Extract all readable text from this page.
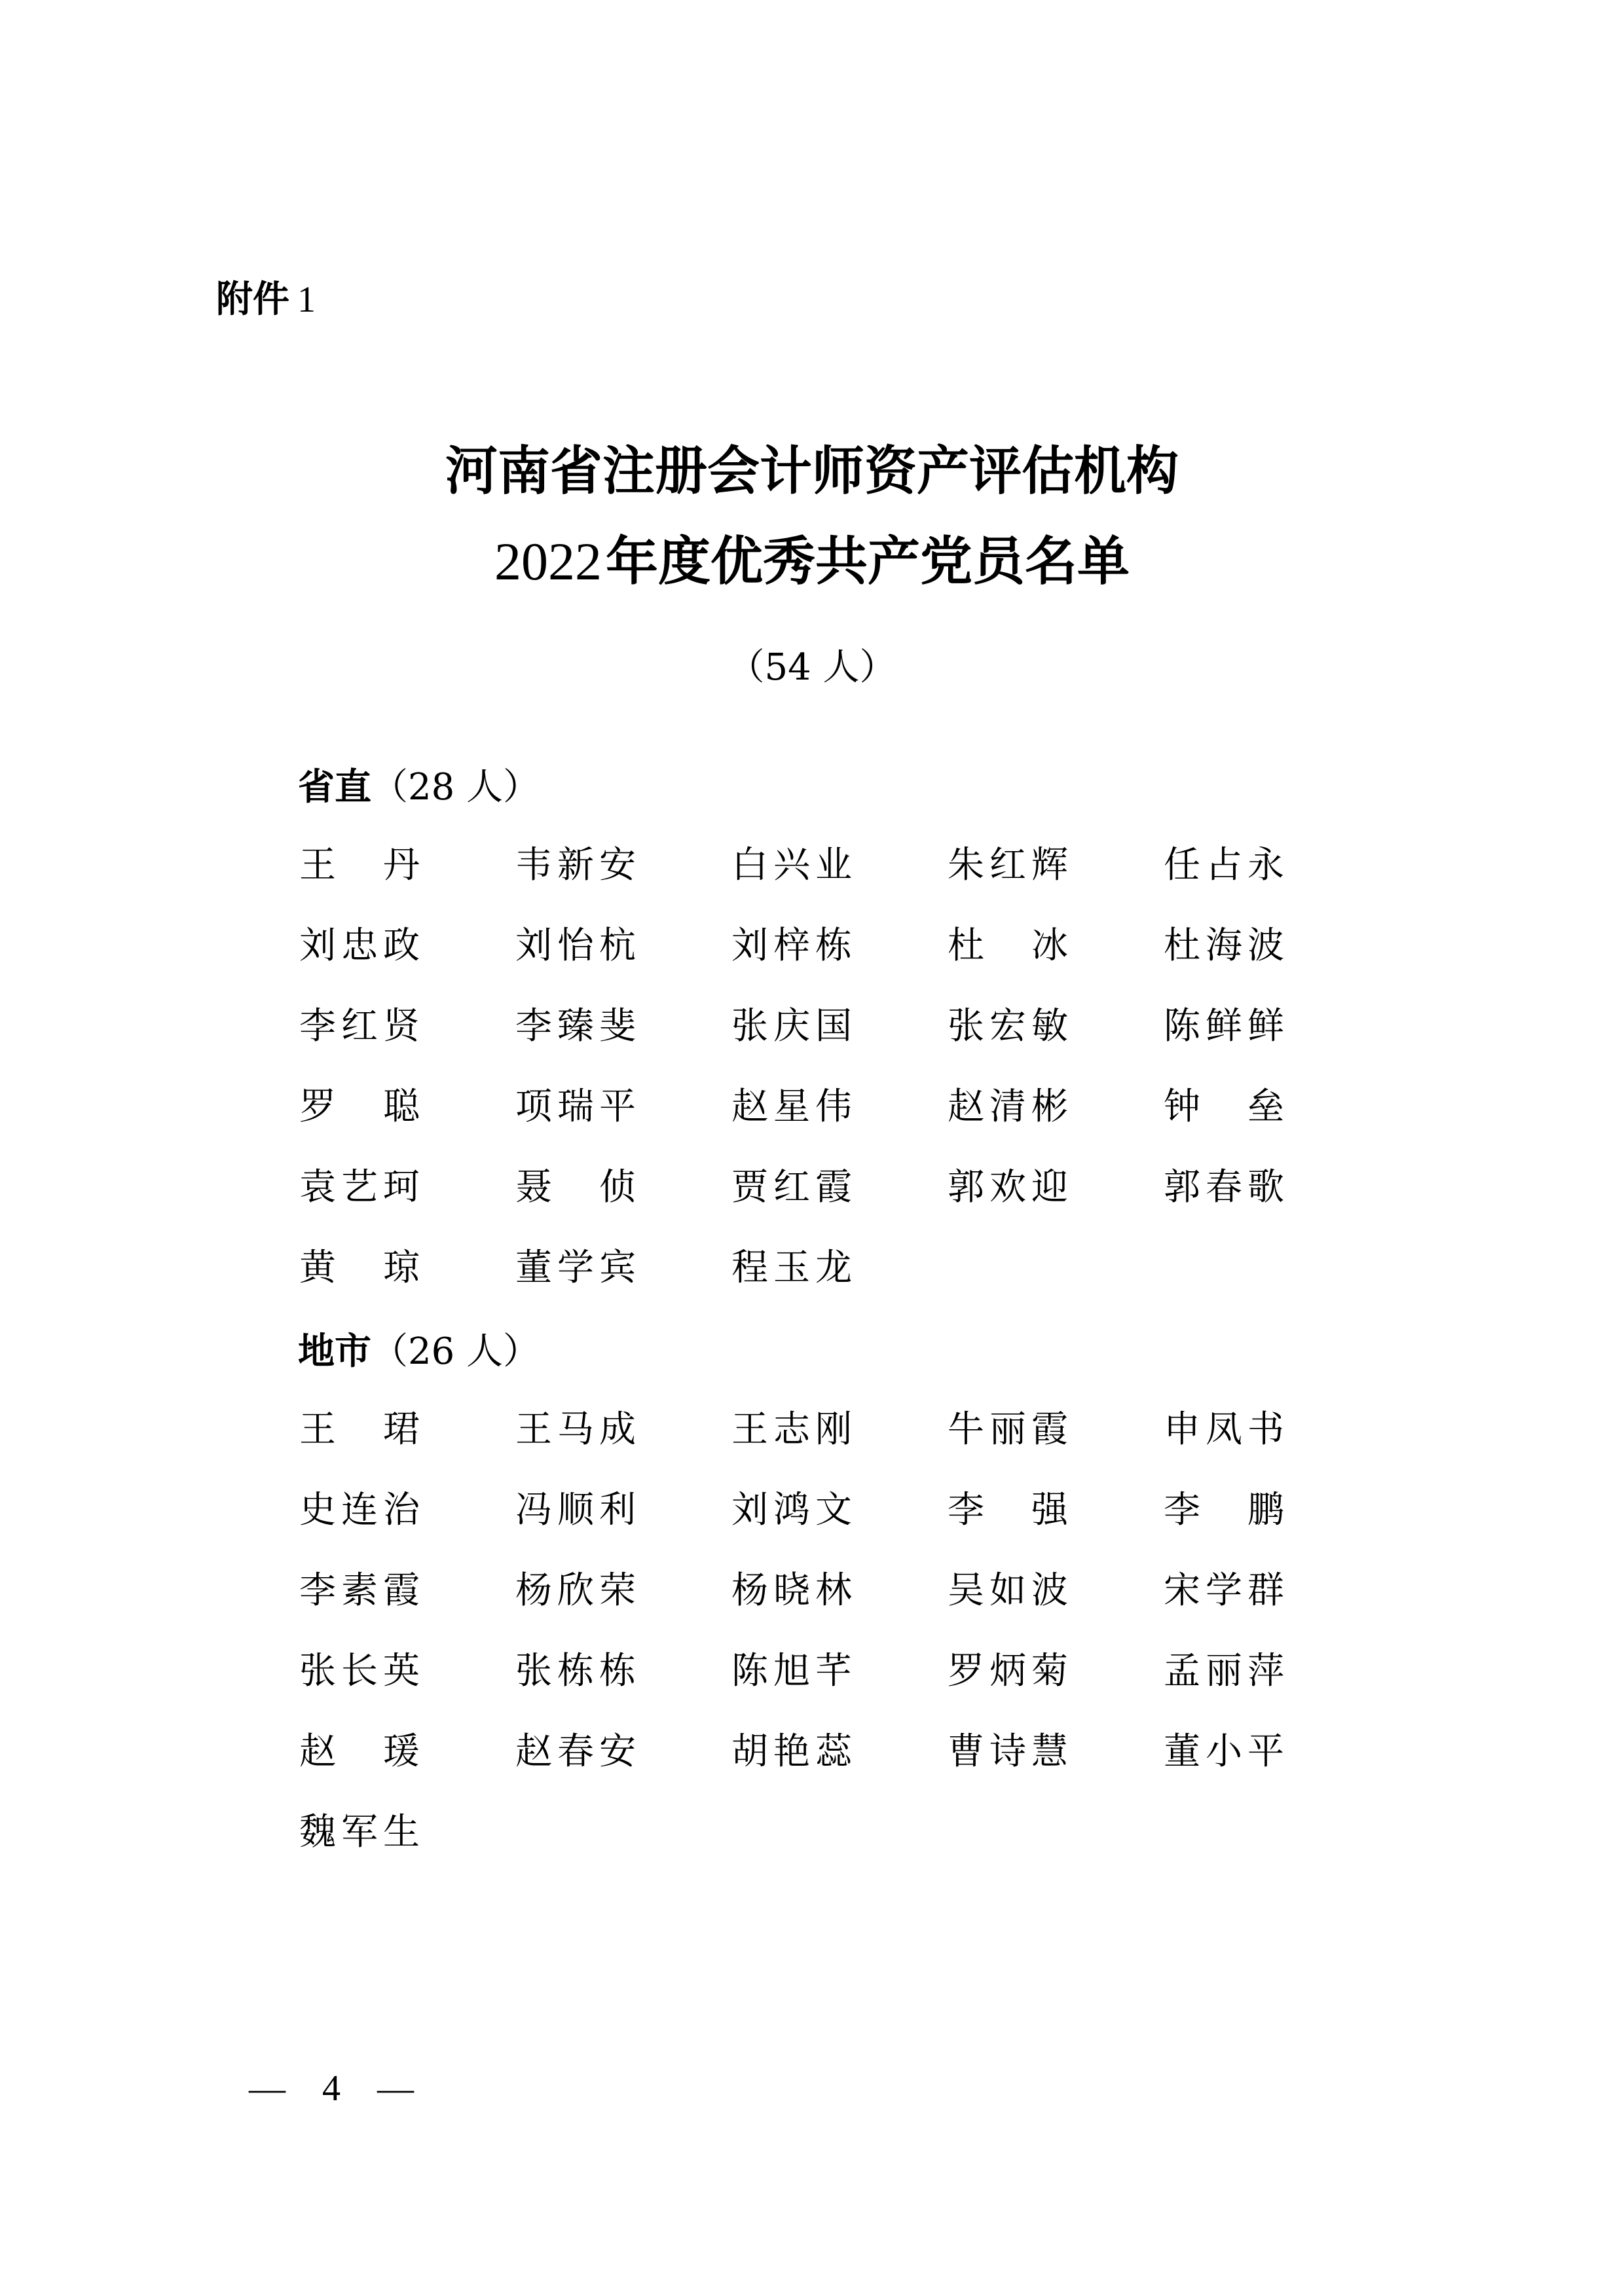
附件 1
河南省注册会计师资产评估机构
2022年度优秀共产党员名单
（54 人）
省直（28 人）
王　丹	韦新安	白兴业	朱红辉	任占永
刘忠政	刘怡杭	刘梓栋	杜　冰	杜海波
李红贤	李臻斐	张庆国	张宏敏	陈鲜鲜
罗　聪	项瑞平	赵星伟	赵清彬	钟　垒
袁艺珂	聂　侦	贾红霞	郭欢迎	郭春歌
黄　琼	董学宾	程玉龙
地市（26 人）
王　珺	王马成	王志刚	牛丽霞	申凤书
史连治	冯顺利	刘鸿文	李　强	李　鹏
李素霞	杨欣荣	杨晓林	吴如波	宋学群
张长英	张栋栋	陈旭芊	罗炳菊	孟丽萍
赵　瑗	赵春安	胡艳蕊	曹诗慧	董小平
魏军生
—　4　—
